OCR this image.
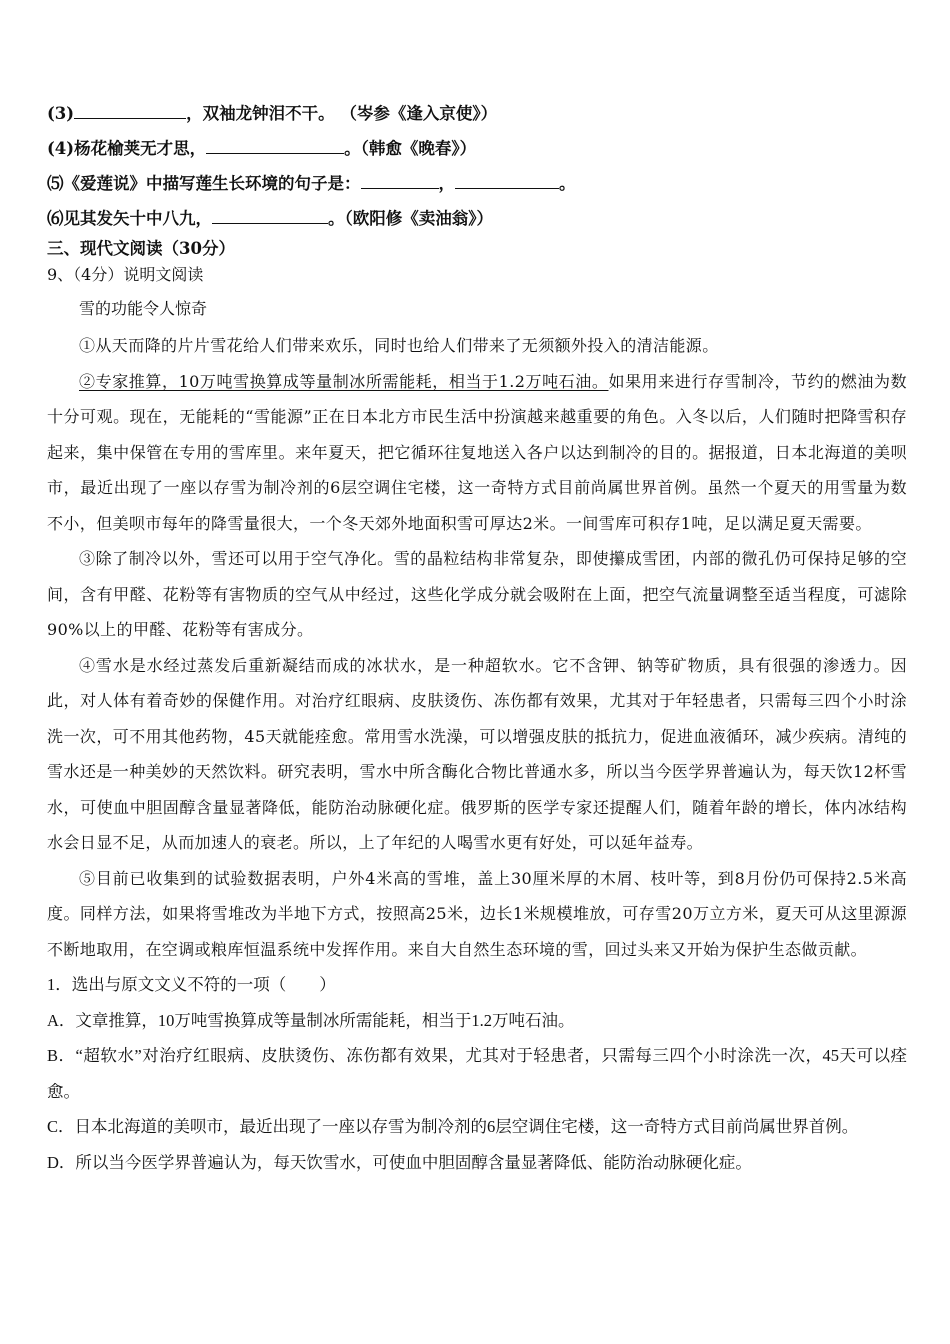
(3)	，双袖龙钟泪不干。 （岑参《逢入京使》）

(4)杨花榆荚无才思，	。（韩愈《晚春》）

⑸《爱莲说》中描写莲生长环境的句子是：	，	。

⑹见其发矢十中八九，	。（欧阳修《卖油翁》）

三、现代文阅读（30分）

9、（4分）说明文阅读

雪的功能令人惊奇

①从天而降的片片雪花给人们带来欢乐，同时也给人们带来了无须额外投入的清洁能源。

②专家推算，10万吨雪换算成等量制冰所需能耗，相当于1.2万吨石油。如果用来进行存雪制冷，节约的燃油为数十分可观。现在，无能耗的“雪能源”正在日本北方市民生活中扮演越来越重要的角色。入冬以后，人们随时把降雪积存起来，集中保管在专用的雪库里。来年夏天，把它循环往复地送入各户以达到制冷的目的。据报道，日本北海道的美呗市，最近出现了一座以存雪为制冷剂的6层空调住宅楼，这一奇特方式目前尚属世界首例。虽然一个夏天的用雪量为数不小，但美呗市每年的降雪量很大，一个冬天郊外地面积雪可厚达2米。一间雪库可积存1吨，足以满足夏天需要。

③除了制冷以外，雪还可以用于空气净化。雪的晶粒结构非常复杂，即使攥成雪团，内部的微孔仍可保持足够的空间，含有甲醛、花粉等有害物质的空气从中经过，这些化学成分就会吸附在上面，把空气流量调整至适当程度，可滤除90%以上的甲醛、花粉等有害成分。

④雪水是水经过蒸发后重新凝结而成的冰状水，是一种超软水。它不含钾、钠等矿物质，具有很强的渗透力。因此，对人体有着奇妙的保健作用。对治疗红眼病、皮肤烫伤、冻伤都有效果，尤其对于年轻患者，只需每三四个小时涂洗一次，可不用其他药物，45天就能痊愈。常用雪水洗澡，可以增强皮肤的抵抗力，促进血液循环，减少疾病。清纯的雪水还是一种美妙的天然饮料。研究表明，雪水中所含酶化合物比普通水多，所以当今医学界普遍认为，每天饮12杯雪水，可使血中胆固醇含量显著降低，能防治动脉硬化症。俄罗斯的医学专家还提醒人们，随着年龄的增长，体内冰结构水会日显不足，从而加速人的衰老。所以，上了年纪的人喝雪水更有好处，可以延年益寿。

⑤目前已收集到的试验数据表明，户外4米高的雪堆，盖上30厘米厚的木屑、枝叶等，到8月份仍可保持2.5米高度。同样方法，如果将雪堆改为半地下方式，按照高25米，边长1米规模堆放，可存雪20万立方米，夏天可从这里源源不断地取用，在空调或粮库恒温系统中发挥作用。来自大自然生态环境的雪，回过头来又开始为保护生态做贡献。

1．选出与原文文义不符的一项（　　）

A．文章推算，10万吨雪换算成等量制冰所需能耗，相当于1.2万吨石油。

B．“超软水”对治疗红眼病、皮肤烫伤、冻伤都有效果，尤其对于轻患者，只需每三四个小时涂洗一次，45天可以痊愈。

C．日本北海道的美呗市，最近出现了一座以存雪为制冷剂的6层空调住宅楼，这一奇特方式目前尚属世界首例。

D．所以当今医学界普遍认为，每天饮雪水，可使血中胆固醇含量显著降低、能防治动脉硬化症。
